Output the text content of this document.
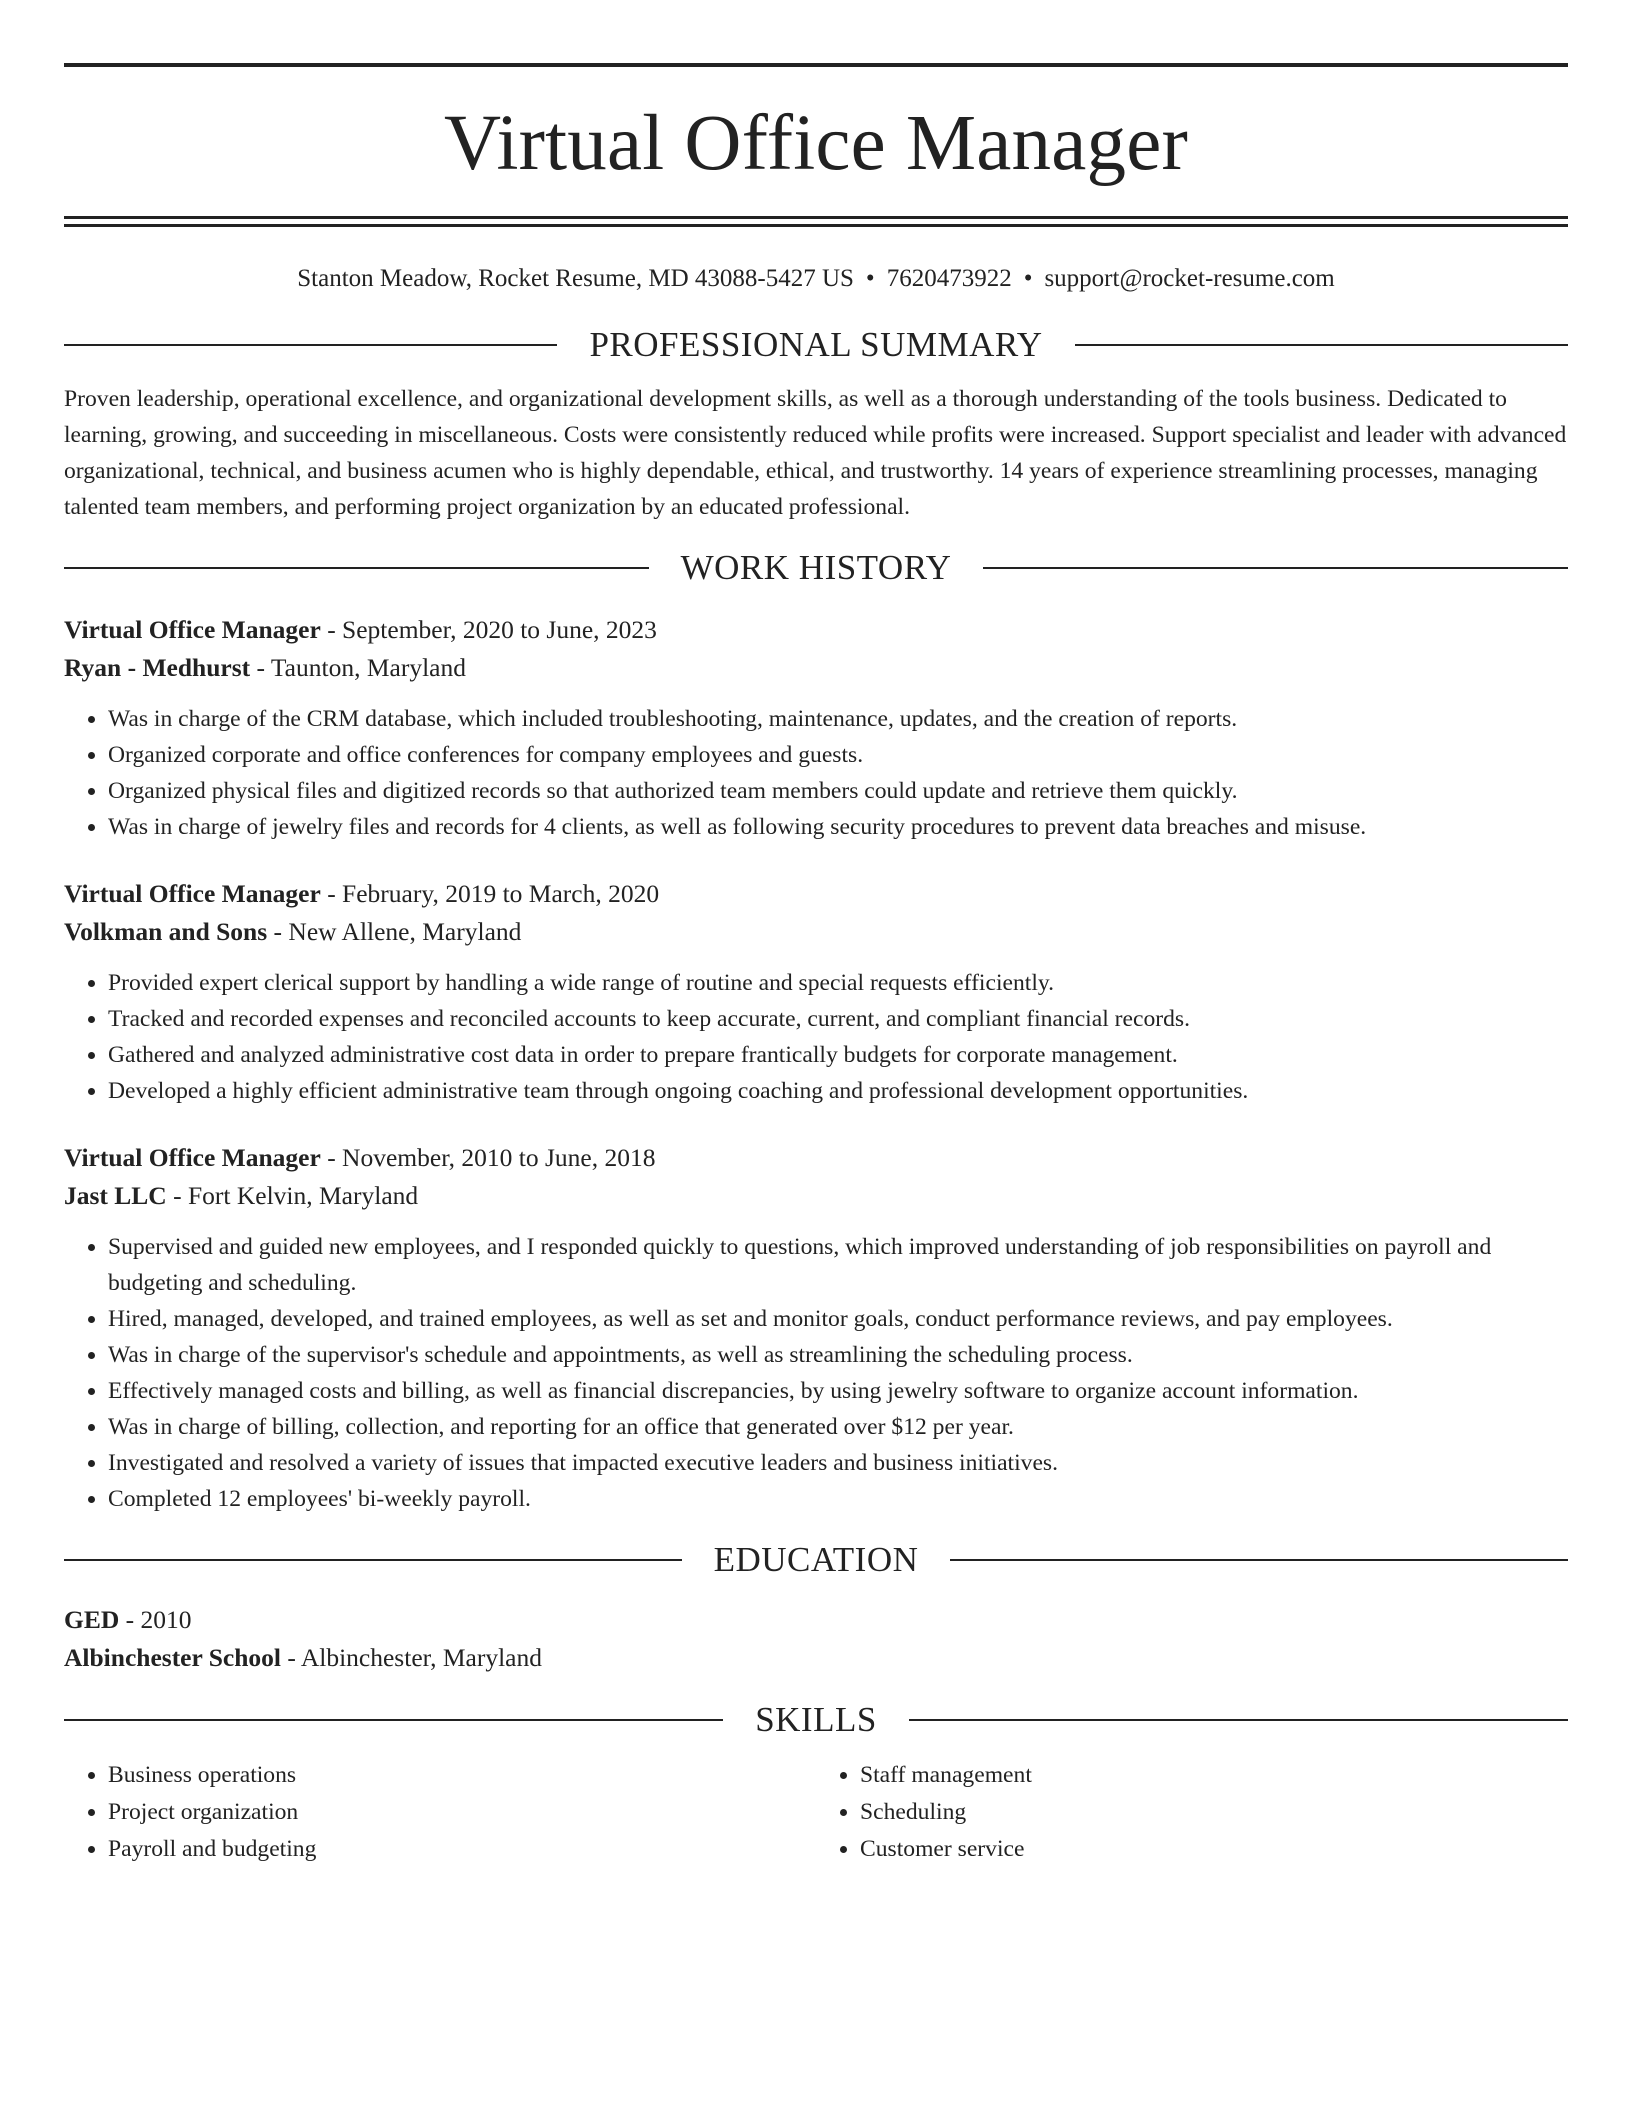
Virtual Office Manager
Stanton Meadow, Rocket Resume, MD 43088-5427 US • 7620473922 • support@rocket-resume.com
PROFESSIONAL SUMMARY
Proven leadership, operational excellence, and organizational development skills, as well as a thorough understanding of the tools business. Dedicated to learning, growing, and succeeding in miscellaneous. Costs were consistently reduced while profits were increased. Support specialist and leader with advanced organizational, technical, and business acumen who is highly dependable, ethical, and trustworthy. 14 years of experience streamlining processes, managing talented team members, and performing project organization by an educated professional.
WORK HISTORY
Virtual Office Manager - September, 2020 to June, 2023
Ryan - Medhurst - Taunton, Maryland
• Was in charge of the CRM database, which included troubleshooting, maintenance, updates, and the creation of reports.
• Organized corporate and office conferences for company employees and guests.
• Organized physical files and digitized records so that authorized team members could update and retrieve them quickly.
• Was in charge of jewelry files and records for 4 clients, as well as following security procedures to prevent data breaches and misuse.
Virtual Office Manager - February, 2019 to March, 2020
Volkman and Sons - New Allene, Maryland
• Provided expert clerical support by handling a wide range of routine and special requests efficiently.
• Tracked and recorded expenses and reconciled accounts to keep accurate, current, and compliant financial records.
• Gathered and analyzed administrative cost data in order to prepare frantically budgets for corporate management.
• Developed a highly efficient administrative team through ongoing coaching and professional development opportunities.
Virtual Office Manager - November, 2010 to June, 2018
Jast LLC - Fort Kelvin, Maryland
• Supervised and guided new employees, and I responded quickly to questions, which improved understanding of job responsibilities on payroll and budgeting and scheduling.
• Hired, managed, developed, and trained employees, as well as set and monitor goals, conduct performance reviews, and pay employees.
• Was in charge of the supervisor's schedule and appointments, as well as streamlining the scheduling process.
• Effectively managed costs and billing, as well as financial discrepancies, by using jewelry software to organize account information.
• Was in charge of billing, collection, and reporting for an office that generated over $12 per year.
• Investigated and resolved a variety of issues that impacted executive leaders and business initiatives.
• Completed 12 employees' bi-weekly payroll.
EDUCATION
GED - 2010
Albinchester School - Albinchester, Maryland
SKILLS
• Business operations
• Project organization
• Payroll and budgeting
• Staff management
• Scheduling
• Customer service
